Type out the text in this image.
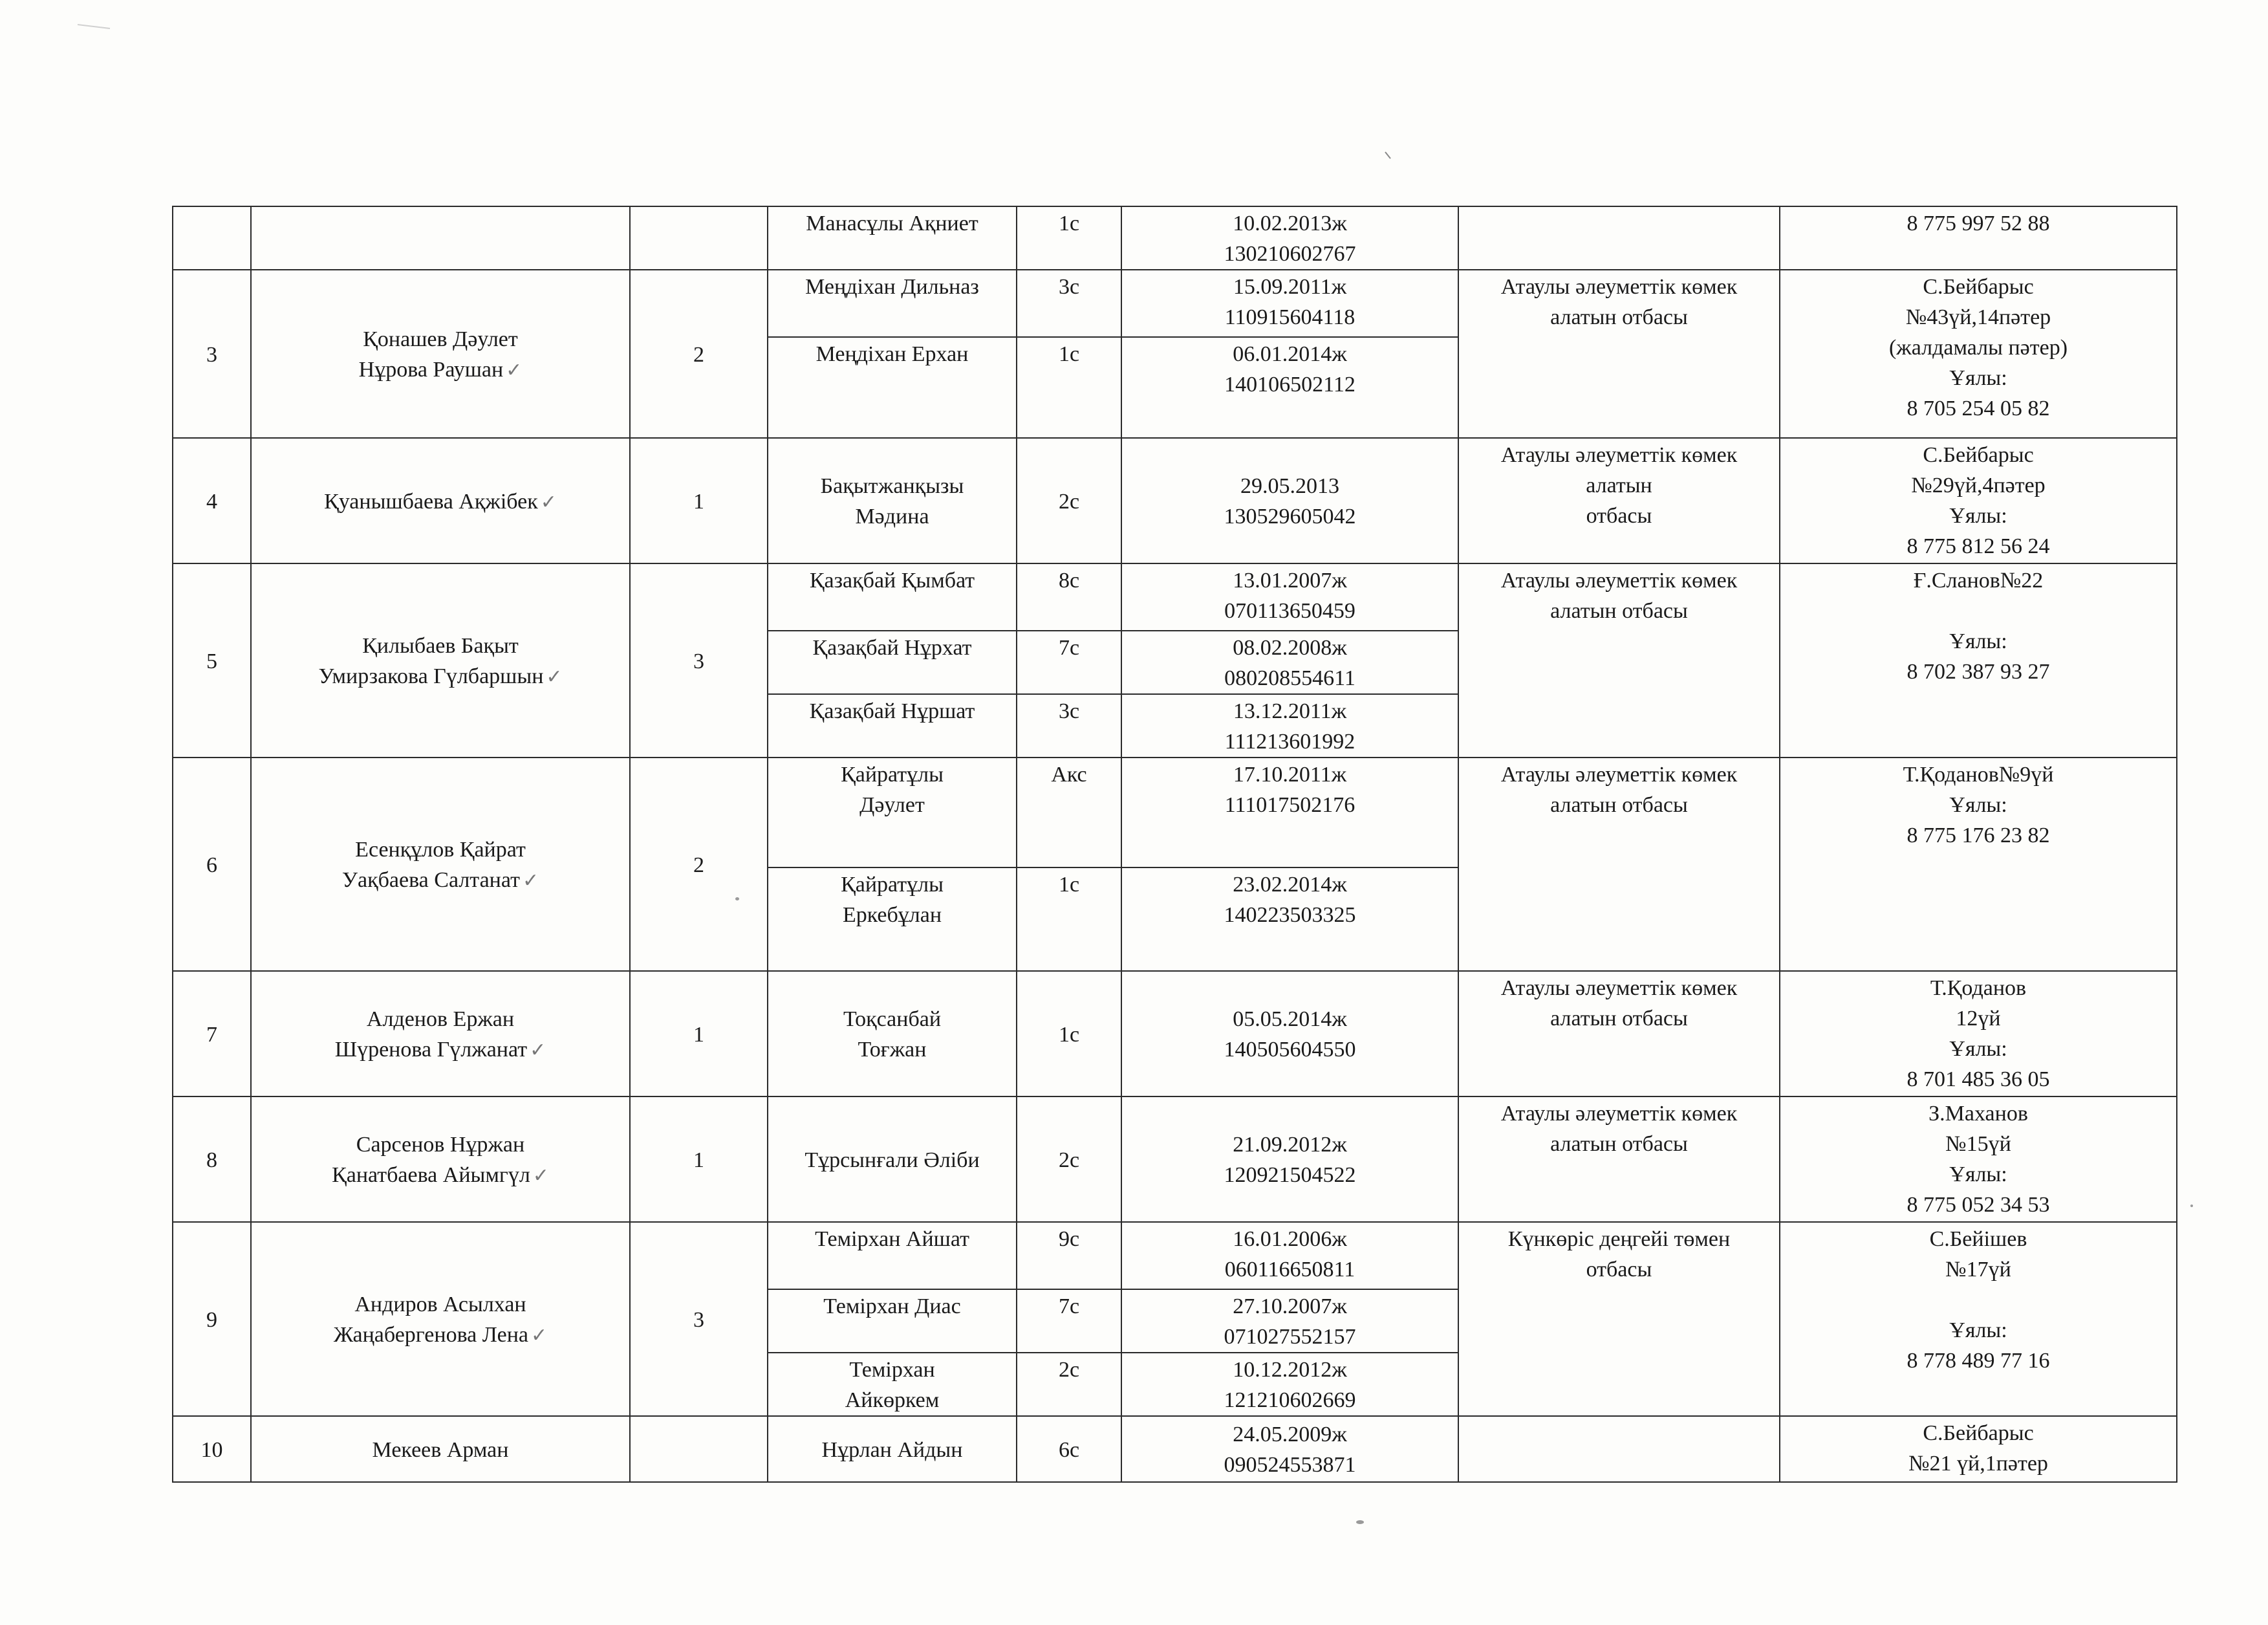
			Манасұлы Ақниет	1с	10.02.2013ж
130210602767		8 775 997 52 88
3	Қонашев Дәулет
Нұрова Раушан ✓	2	Меңдіхан Дильназ	3с	15.09.2011ж
110915604118	Атаулы әлеуметтік көмек
алатын отбасы	С.Бейбарыс
№43үй,14пәтер
(жалдамалы пәтер)
Ұялы:
8 705 254 05 82
			Меңдіхан Ерхан	1с	06.01.2014ж
140106502112		
4	Қуанышбаева Ақжібек ✓	1	Бақытжанқызы
Мәдина	2с	29.05.2013
130529605042	Атаулы әлеуметтік көмек
алатын
отбасы	С.Бейбарыс
№29үй,4пәтер
Ұялы:
8 775 812 56 24
5	Қилыбаев Бақыт
Умирзакова Гүлбаршын ✓	3	Қазақбай Қымбат	8с	13.01.2007ж
070113650459	Атаулы әлеуметтік көмек
алатын отбасы	Ғ.Сланов№22

Ұялы:
8 702 387 93 27
			Қазақбай Нұрхат	7с	08.02.2008ж
080208554611		
			Қазақбай Нұршат	3с	13.12.2011ж
111213601992		
6	Есенқұлов Қайрат
Уақбаева Салтанат ✓	2	Қайратұлы
Дәулет	Акс	17.10.2011ж
111017502176	Атаулы әлеуметтік көмек
алатын отбасы	Т.Қоданов№9үй
Ұялы:
8 775 176 23 82
			Қайратұлы
Еркебұлан	1с	23.02.2014ж
140223503325		
7	Алденов Ержан
Шүренова Гүлжанат ✓	1	Тоқсанбай
Тоғжан	1с	05.05.2014ж
140505604550	Атаулы әлеуметтік көмек
алатын отбасы	Т.Қоданов
12үй
Ұялы:
8 701 485 36 05
8	Сарсенов Нұржан
Қанатбаева Айымгүл ✓	1	Тұрсынғали Әліби	2с	21.09.2012ж
120921504522	Атаулы әлеуметтік көмек
алатын отбасы	З.Маханов
№15үй
Ұялы:
8 775 052 34 53
9	Андиров Асылхан
Жаңабергенова Лена ✓	3	Темірхан Айшат	9с	16.01.2006ж
060116650811	Күнкөріс деңгейі төмен
отбасы	С.Бейішев
№17үй

Ұялы:
8 778 489 77 16
			Темірхан Диас	7с	27.10.2007ж
071027552157		
			Темірхан
Айкөркем	2с	10.12.2012ж
121210602669		
10	Мекеев Арман		Нұрлан Айдын	6с	24.05.2009ж
090524553871		С.Бейбарыс
№21 үй,1пәтер
